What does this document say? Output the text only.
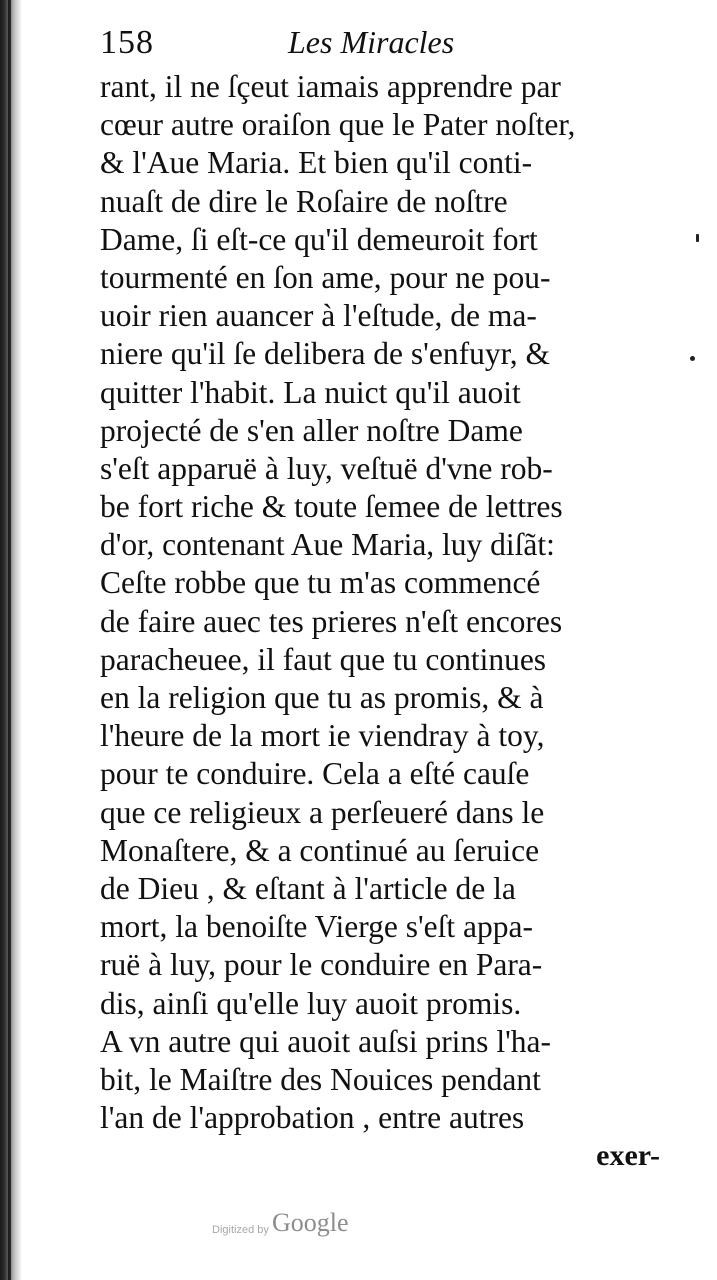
158	Les Miracles
rant, il ne ſçeut iamais apprendre par
cœur autre oraiſon que le Pater noſter,
& l'Aue Maria. Et bien qu'il conti-
nuaſt de dire le Roſaire de noſtre
Dame, ſi eſt-ce qu'il demeuroit fort
tourmenté en ſon ame, pour ne pou-
uoir rien auancer à l'eſtude, de ma-
niere qu'il ſe delibera de s'enfuyr, &
quitter l'habit. La nuict qu'il auoit
projecté de s'en aller noſtre Dame
s'eſt apparuë à luy, veſtuë d'vne rob-
be fort riche & toute ſemee de lettres
d'or, contenant Aue Maria, luy diſãt:
Ceſte robbe que tu m'as commencé
de faire auec tes prieres n'eſt encores
paracheuee, il faut que tu continues
en la religion que tu as promis, & à
l'heure de la mort ie viendray à toy,
pour te conduire. Cela a eſté cauſe
que ce religieux a perſeueré dans le
Monaſtere, & a continué au ſeruice
de Dieu , & eſtant à l'article de la
mort, la benoiſte Vierge s'eſt appa-
ruë à luy, pour le conduire en Para-
dis, ainſi qu'elle luy auoit promis.
A vn autre qui auoit auſsi prins l'ha-
bit, le Maiſtre des Nouices pendant
l'an de l'approbation , entre autres
exer-
Digitized by Google
